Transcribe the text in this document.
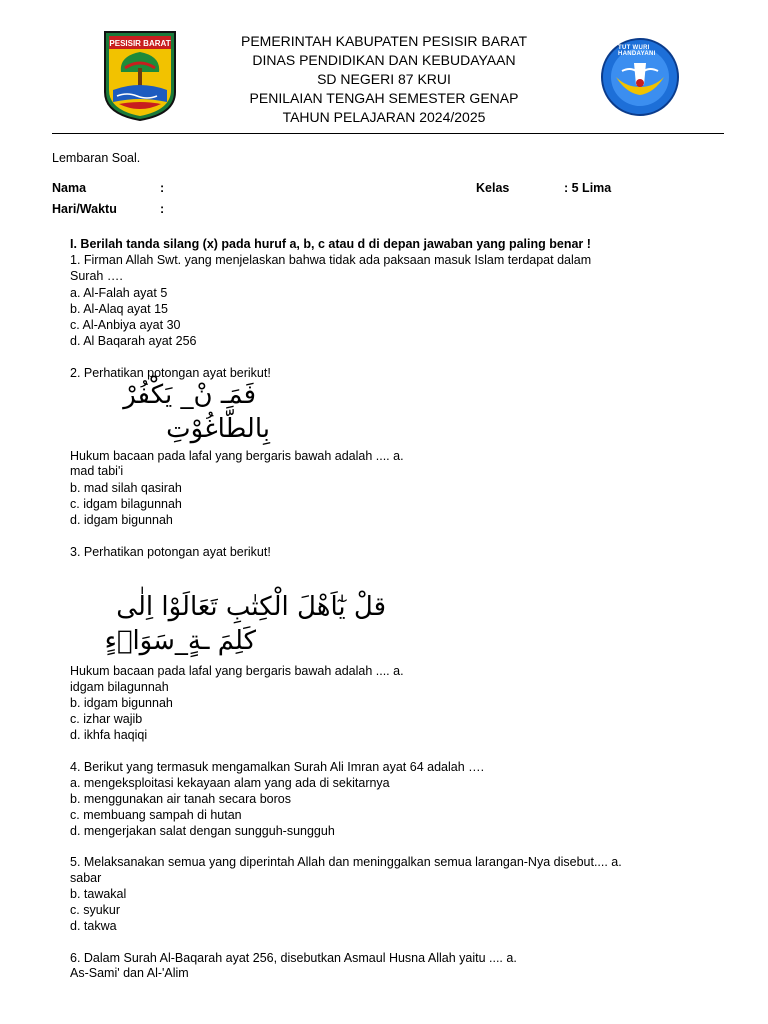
PESISIR BARAT	TUT WURI HANDAYANI
PEMERINTAH KABUPATEN PESISIR BARAT
DINAS PENDIDIKAN DAN KEBUDAYAAN
SD NEGERI 87 KRUI
PENILAIAN TENGAH SEMESTER GENAP
TAHUN PELAJARAN 2024/2025
Lembaran Soal.
Nama	:	Kelas	: 5 Lima
Hari/Waktu	:
I. Berilah tanda silang (x) pada huruf a, b, c atau d di depan jawaban yang paling benar !
1. Firman Allah Swt. yang menjelaskan bahwa tidak ada paksaan masuk Islam terdapat dalam
Surah ….
a. Al-Falah ayat 5
b. Al-Alaq ayat 15
c. Al-Anbiya ayat 30
d. Al Baqarah ayat 256
2. Perhatikan potongan ayat berikut!
فَمَـ نْ_ يَكْفُرْ
بِالطَّاغُوْتِ
Hukum bacaan pada lafal yang bergaris bawah adalah .... a.
mad tabi'i
b. mad silah qasirah
c. idgam bilagunnah
d. idgam bigunnah
3. Perhatikan potongan ayat berikut!
قلْ يٰٓاَهْلَ الْكِتٰبِ تَعَالَوْا اِلٰى
كَلِمَ ـةٍ_سَوَاۤءٍ
Hukum bacaan pada lafal yang bergaris bawah adalah .... a.
idgam bilagunnah
b. idgam bigunnah
c. izhar wajib
d. ikhfa haqiqi
4. Berikut yang termasuk mengamalkan Surah Ali Imran ayat 64 adalah ….
a. mengeksploitasi kekayaan alam yang ada di sekitarnya
b. menggunakan air tanah secara boros
c. membuang sampah di hutan
d. mengerjakan salat dengan sungguh-sungguh
5. Melaksanakan semua yang diperintah Allah dan meninggalkan semua larangan-Nya disebut.... a.
sabar
b. tawakal
c. syukur
d. takwa
6. Dalam Surah Al-Baqarah ayat 256, disebutkan Asmaul Husna Allah yaitu .... a.
As-Sami' dan Al-'Alim
